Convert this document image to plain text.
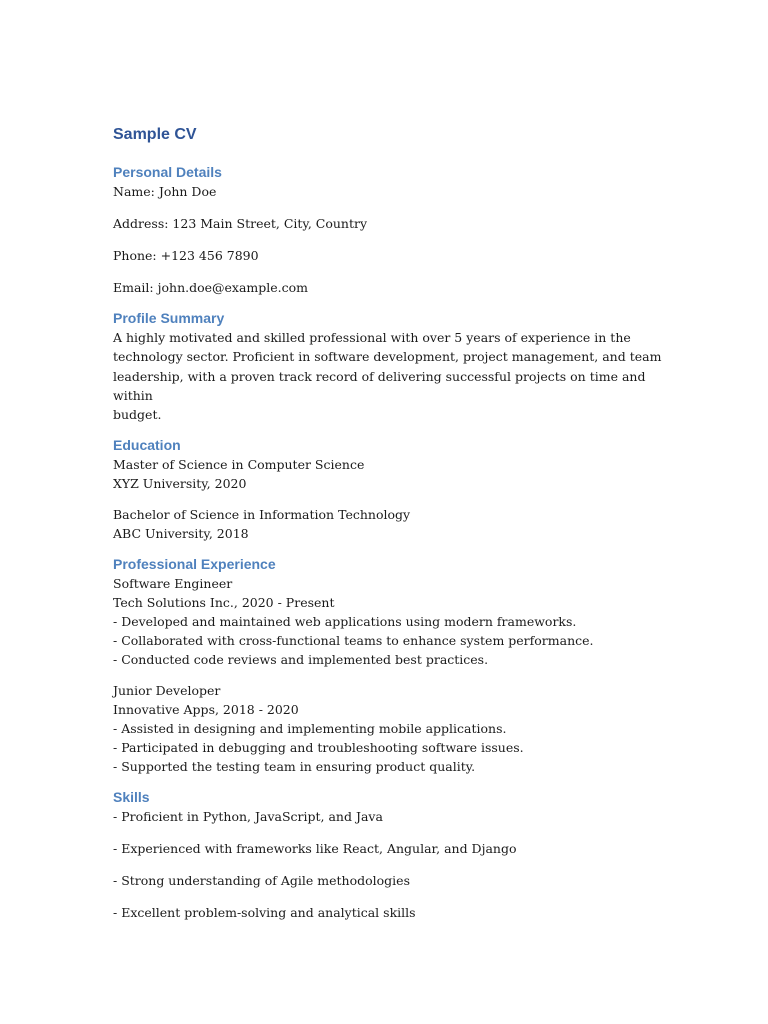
Sample CV
Personal Details

Name: John Doe

Address: 123 Main Street, City, Country

Phone: +123 456 7890

Email: john.doe@example.com

Profile Summary
A highly motivated and skilled professional with over 5 years of experience in the
technology sector. Proficient in software development, project management, and team
leadership, with a proven track record of delivering successful projects on time and within
budget.
Education

Master of Science in Computer Science

XYZ University, 2020

Bachelor of Science in Information Technology

ABC University, 2018

Professional Experience

Software Engineer

Tech Solutions Inc., 2020 - Present

- Developed and maintained web applications using modern frameworks.

- Collaborated with cross-functional teams to enhance system performance.

- Conducted code reviews and implemented best practices.

Junior Developer

Innovative Apps, 2018 - 2020

- Assisted in designing and implementing mobile applications.

- Participated in debugging and troubleshooting software issues.

- Supported the testing team in ensuring product quality.

Skills

- Proficient in Python, JavaScript, and Java

- Experienced with frameworks like React, Angular, and Django

- Strong understanding of Agile methodologies

- Excellent problem-solving and analytical skills
